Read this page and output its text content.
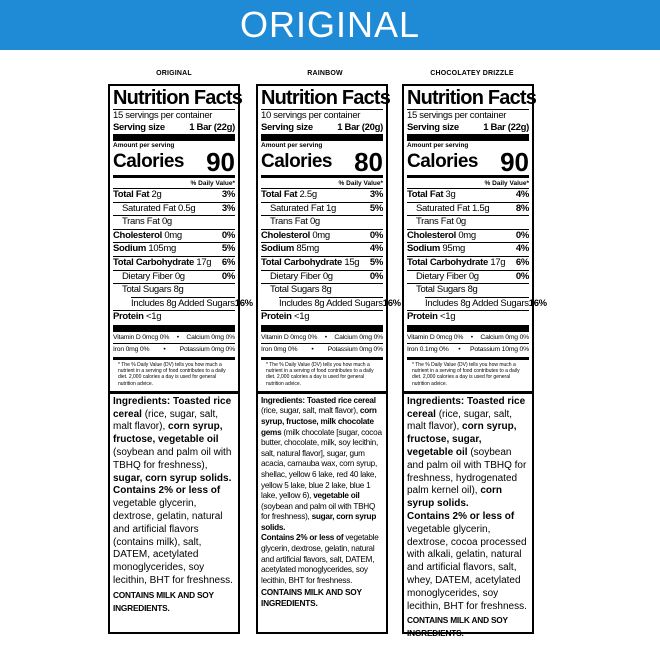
ORIGINAL
ORIGINAL
Nutrition Facts
15 servings per container
Serving size	1 Bar (22g)
Amount per serving
Calories 90
% Daily Value*
Total Fat 2g	3%
Saturated Fat 0.5g	3%
Trans Fat 0g
Cholesterol 0mg	0%
Sodium 105mg	5%
Total Carbohydrate 17g 6%
Dietary Fiber 0g	0%
Total Sugars 8g
Includes 8g Added Sugars 16%
Protein <1g
Vitamin D 0mcg 0% • Calcium 0mg 0%
Iron 0mg 0% • Potassium 0mg 0%
* The % Daily Value (DV) tells you how much a nutrient in a serving of food contributes to a daily diet. 2,000 calories a day is used for general nutrition advice.

Ingredients: Toasted rice cereal (rice, sugar, salt, malt flavor), corn syrup, fructose, vegetable oil (soybean and palm oil with TBHQ for freshness), sugar, corn syrup solids.

Contains 2% or less of vegetable glycerin, dextrose, gelatin, natural and artificial flavors (contains milk), salt, DATEM, acetylated monoglycerides, soy lecithin, BHT for freshness.

CONTAINS MILK AND SOY INGREDIENTS.
RAINBOW
Nutrition Facts
10 servings per container
Serving size	1 Bar (20g)
Amount per serving
Calories 80
% Daily Value*
Total Fat 2.5g	3%
Saturated Fat 1g	5%
Trans Fat 0g
Cholesterol 0mg	0%
Sodium 85mg	4%
Total Carbohydrate 15g 5%
Dietary Fiber 0g	0%
Total Sugars 8g
Includes 8g Added Sugars 16%
Protein <1g
Vitamin D 0mcg 0% • Calcium 0mg 0%
Iron 0mg 0% • Potassium 0mg 0%
* The % Daily Value (DV) tells you how much a nutrient in a serving of food contributes to a daily diet. 2,000 calories a day is used for general nutrition advice.

Ingredients: Toasted rice cereal (rice, sugar, salt, malt flavor), corn syrup, fructose, milk chocolate gems (milk chocolate [sugar, cocoa butter, chocolate, milk, soy lecithin, salt, natural flavor], sugar, gum acacia, carnauba wax, corn syrup, shellac, yellow 6 lake, red 40 lake, yellow 5 lake, blue 2 lake, blue 1 lake, yellow 6), vegetable oil (soybean and palm oil with TBHQ for freshness), sugar, corn syrup solids.

Contains 2% or less of vegetable glycerin, dextrose, gelatin, natural and artificial flavors, salt, DATEM, acetylated monoglycerides, soy lecithin, BHT for freshness.

CONTAINS MILK AND SOY INGREDIENTS.
CHOCOLATEY DRIZZLE
Nutrition Facts
15 servings per container
Serving size	1 Bar (22g)
Amount per serving
Calories 90
% Daily Value*
Total Fat 3g	4%
Saturated Fat 1.5g	8%
Trans Fat 0g
Cholesterol 0mg	0%
Sodium 95mg	4%
Total Carbohydrate 17g 6%
Dietary Fiber 0g	0%
Total Sugars 8g
Includes 8g Added Sugars 16%
Protein <1g
Vitamin D 0mcg 0% • Calcium 0mg 0%
Iron 0.1mg 0% • Potassium 10mg 0%
* The % Daily Value (DV) tells you how much a nutrient in a serving of food contributes to a daily diet. 2,000 calories a day is used for general nutrition advice.

Ingredients: Toasted rice cereal (rice, sugar, salt, malt flavor), corn syrup, fructose, sugar, vegetable oil (soybean and palm oil with TBHQ for freshness, hydrogenated palm kernel oil), corn syrup solids.

Contains 2% or less of vegetable glycerin, dextrose, cocoa processed with alkali, gelatin, natural and artificial flavors, salt, whey, DATEM, acetylated monoglycerides, soy lecithin, BHT for freshness.

CONTAINS MILK AND SOY INGREDIENTS.
